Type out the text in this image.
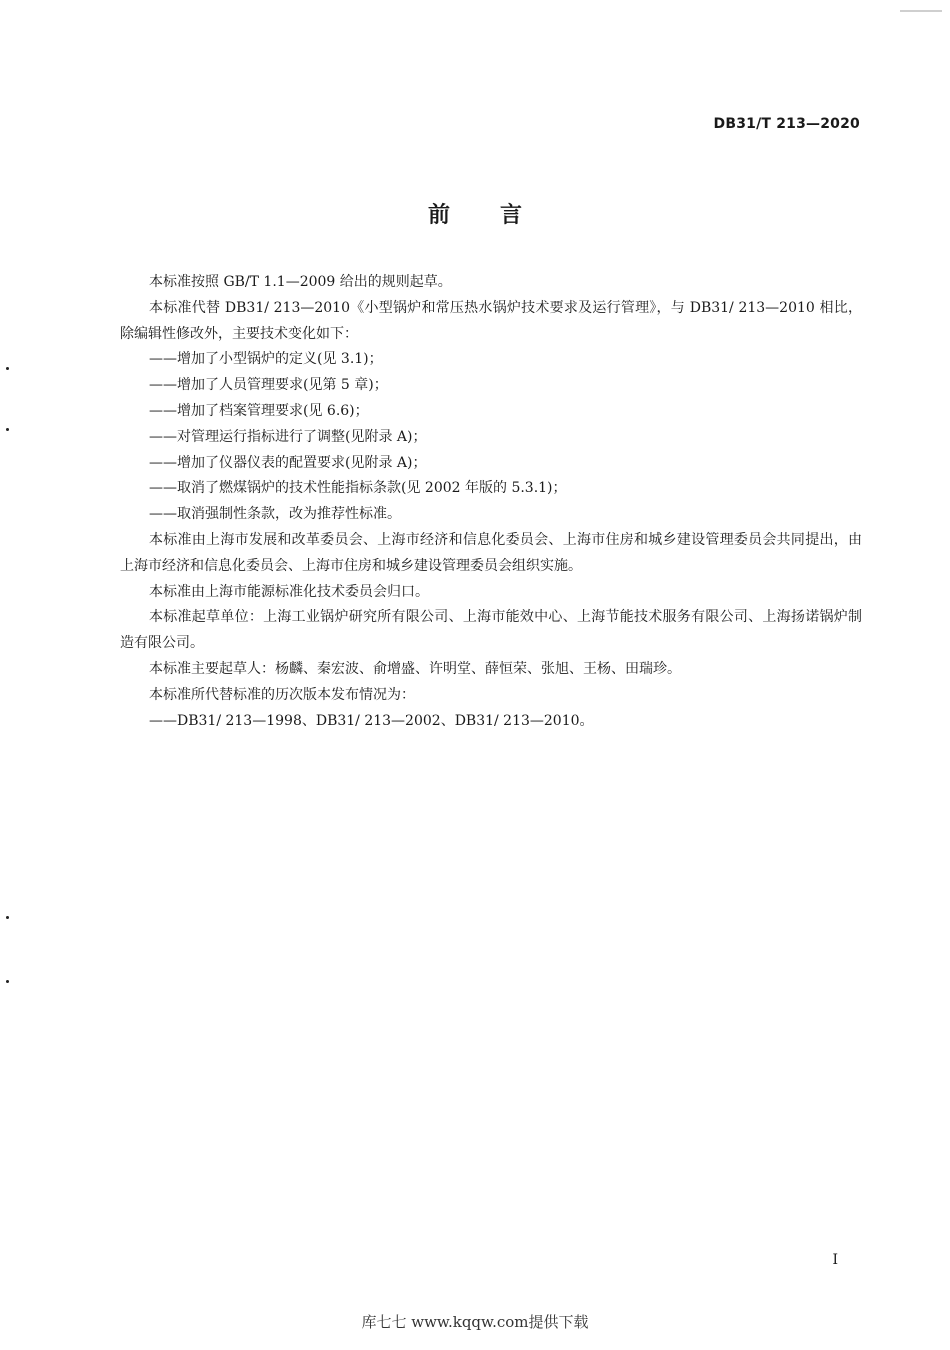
DB31/T 213—2020
前言

本标准按照 GB/T 1.1—2009 给出的规则起草。

本标准代替 DB31/ 213—2010《小型锅炉和常压热水锅炉技术要求及运行管理》，与 DB31/ 213—2010 相比，除编辑性修改外，主要技术变化如下：

——增加了小型锅炉的定义(见 3.1)；

——增加了人员管理要求(见第 5 章)；

——增加了档案管理要求(见 6.6)；

——对管理运行指标进行了调整(见附录 A)；

——增加了仪器仪表的配置要求(见附录 A)；

——取消了燃煤锅炉的技术性能指标条款(见 2002 年版的 5.3.1)；

——取消强制性条款，改为推荐性标准。

本标准由上海市发展和改革委员会、上海市经济和信息化委员会、上海市住房和城乡建设管理委员会共同提出，由上海市经济和信息化委员会、上海市住房和城乡建设管理委员会组织实施。

本标准由上海市能源标准化技术委员会归口。

本标准起草单位：上海工业锅炉研究所有限公司、上海市能效中心、上海节能技术服务有限公司、上海扬诺锅炉制造有限公司。

本标准主要起草人：杨麟、秦宏波、俞增盛、许明堂、薛恒荣、张旭、王杨、田瑞珍。

本标准所代替标准的历次版本发布情况为：

——DB31/ 213—1998、DB31/ 213—2002、DB31/ 213—2010。

I
库七七 www.kqqw.com提供下载
